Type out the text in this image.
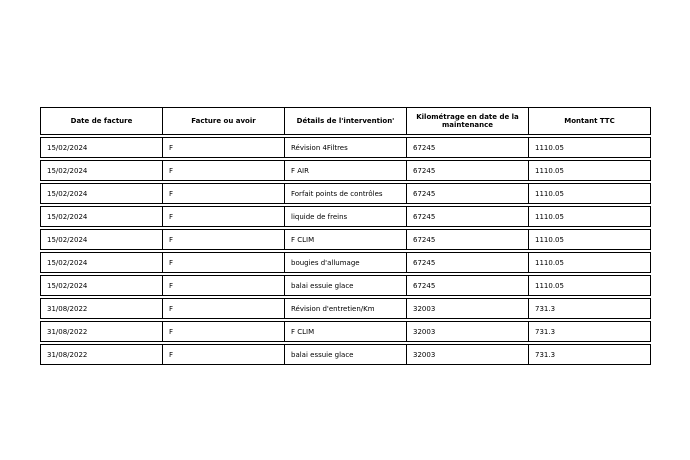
Date de facture	Facture ou avoir	Détails de l'intervention'	Kilométrage en date de la maintenance	Montant TTC
15/02/2024	F	Révision 4Filtres	67245	1110.05
15/02/2024	F	F AIR	67245	1110.05
15/02/2024	F	Forfait points de contrôles	67245	1110.05
15/02/2024	F	liquide de freins	67245	1110.05
15/02/2024	F	F CLIM	67245	1110.05
15/02/2024	F	bougies d'allumage	67245	1110.05
15/02/2024	F	balai essuie glace	67245	1110.05
31/08/2022	F	Révision d'entretien/Km	32003	731.3
31/08/2022	F	F CLIM	32003	731.3
31/08/2022	F	balai essuie glace	32003	731.3
